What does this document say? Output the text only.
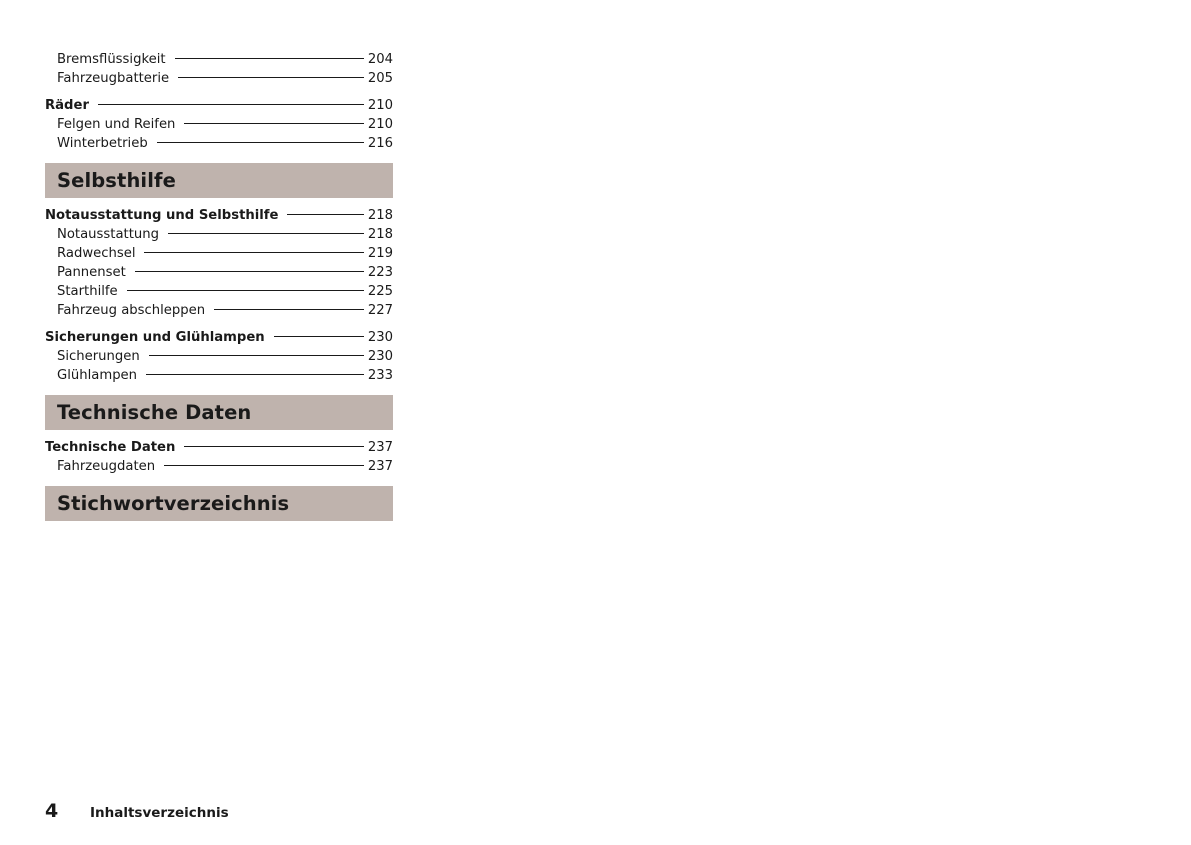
Bremsflüssigkeit	204
Fahrzeugbatterie	205
Räder	210
Felgen und Reifen	210
Winterbetrieb	216
Selbsthilfe
Notausstattung und Selbsthilfe	218
Notausstattung	218
Radwechsel	219
Pannenset	223
Starthilfe	225
Fahrzeug abschleppen	227
Sicherungen und Glühlampen	230
Sicherungen	230
Glühlampen	233
Technische Daten
Technische Daten	237
Fahrzeugdaten	237
Stichwortverzeichnis
4	Inhaltsverzeichnis
